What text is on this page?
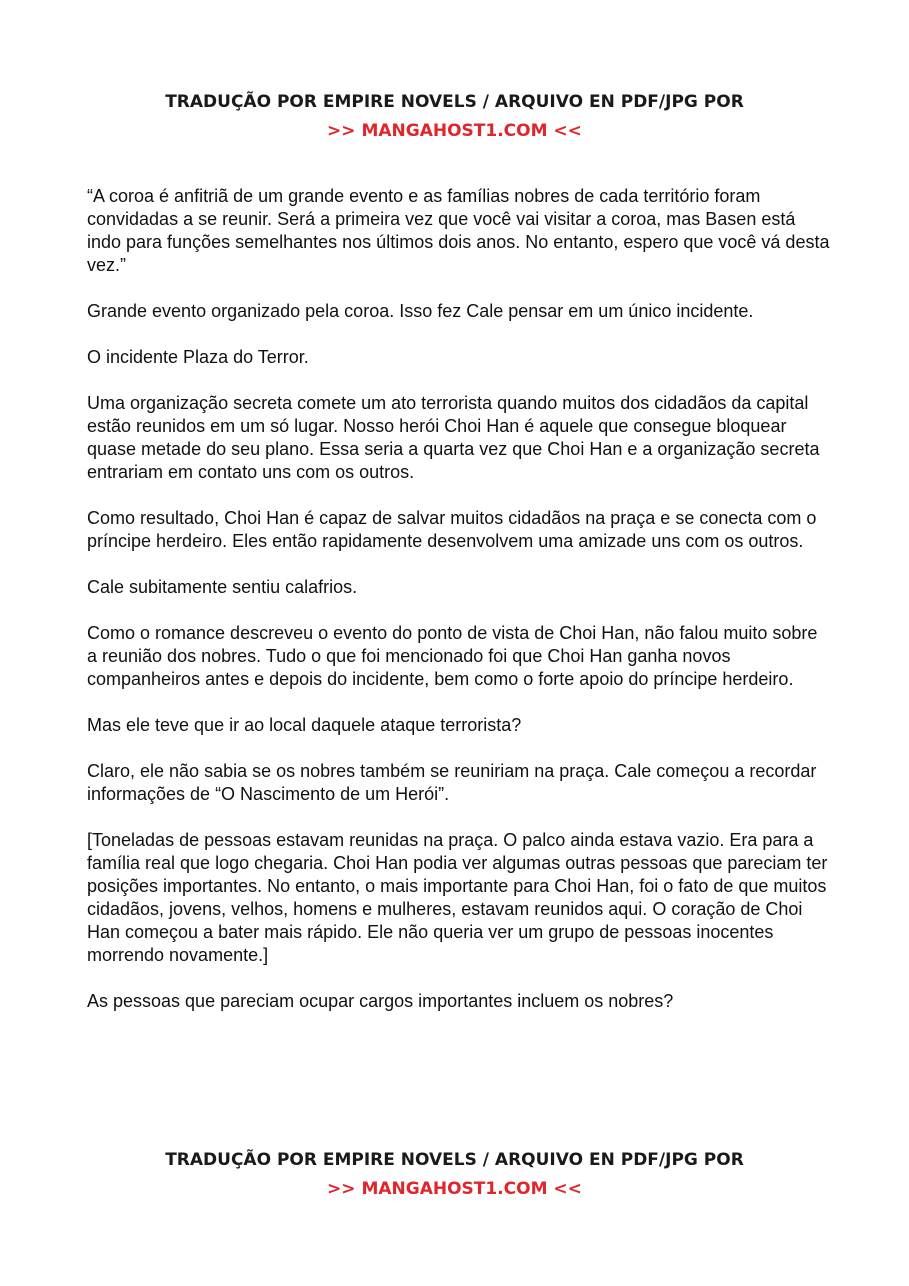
TRADUÇÃO POR EMPIRE NOVELS / ARQUIVO EN PDF/JPG POR
>> MANGAHOST1.COM <<

“A coroa é anfitriã de um grande evento e as famílias nobres de cada território foram convidadas a se reunir. Será a primeira vez que você vai visitar a coroa, mas Basen está indo para funções semelhantes nos últimos dois anos. No entanto, espero que você vá desta vez.”

Grande evento organizado pela coroa. Isso fez Cale pensar em um único incidente.

O incidente Plaza do Terror.

Uma organização secreta comete um ato terrorista quando muitos dos cidadãos da capital estão reunidos em um só lugar. Nosso herói Choi Han é aquele que consegue bloquear quase metade do seu plano. Essa seria a quarta vez que Choi Han e a organização secreta entrariam em contato uns com os outros.

Como resultado, Choi Han é capaz de salvar muitos cidadãos na praça e se conecta com o príncipe herdeiro. Eles então rapidamente desenvolvem uma amizade uns com os outros.

Cale subitamente sentiu calafrios.

Como o romance descreveu o evento do ponto de vista de Choi Han, não falou muito sobre a reunião dos nobres. Tudo o que foi mencionado foi que Choi Han ganha novos companheiros antes e depois do incidente, bem como o forte apoio do príncipe herdeiro.

Mas ele teve que ir ao local daquele ataque terrorista?

Claro, ele não sabia se os nobres também se reuniriam na praça. Cale começou a recordar informações de “O Nascimento de um Herói”.

[Toneladas de pessoas estavam reunidas na praça. O palco ainda estava vazio. Era para a família real que logo chegaria. Choi Han podia ver algumas outras pessoas que pareciam ter posições importantes. No entanto, o mais importante para Choi Han, foi o fato de que muitos cidadãos, jovens, velhos, homens e mulheres, estavam reunidos aqui. O coração de Choi Han começou a bater mais rápido. Ele não queria ver um grupo de pessoas inocentes morrendo novamente.]

As pessoas que pareciam ocupar cargos importantes incluem os nobres?

TRADUÇÃO POR EMPIRE NOVELS / ARQUIVO EN PDF/JPG POR
>> MANGAHOST1.COM <<
